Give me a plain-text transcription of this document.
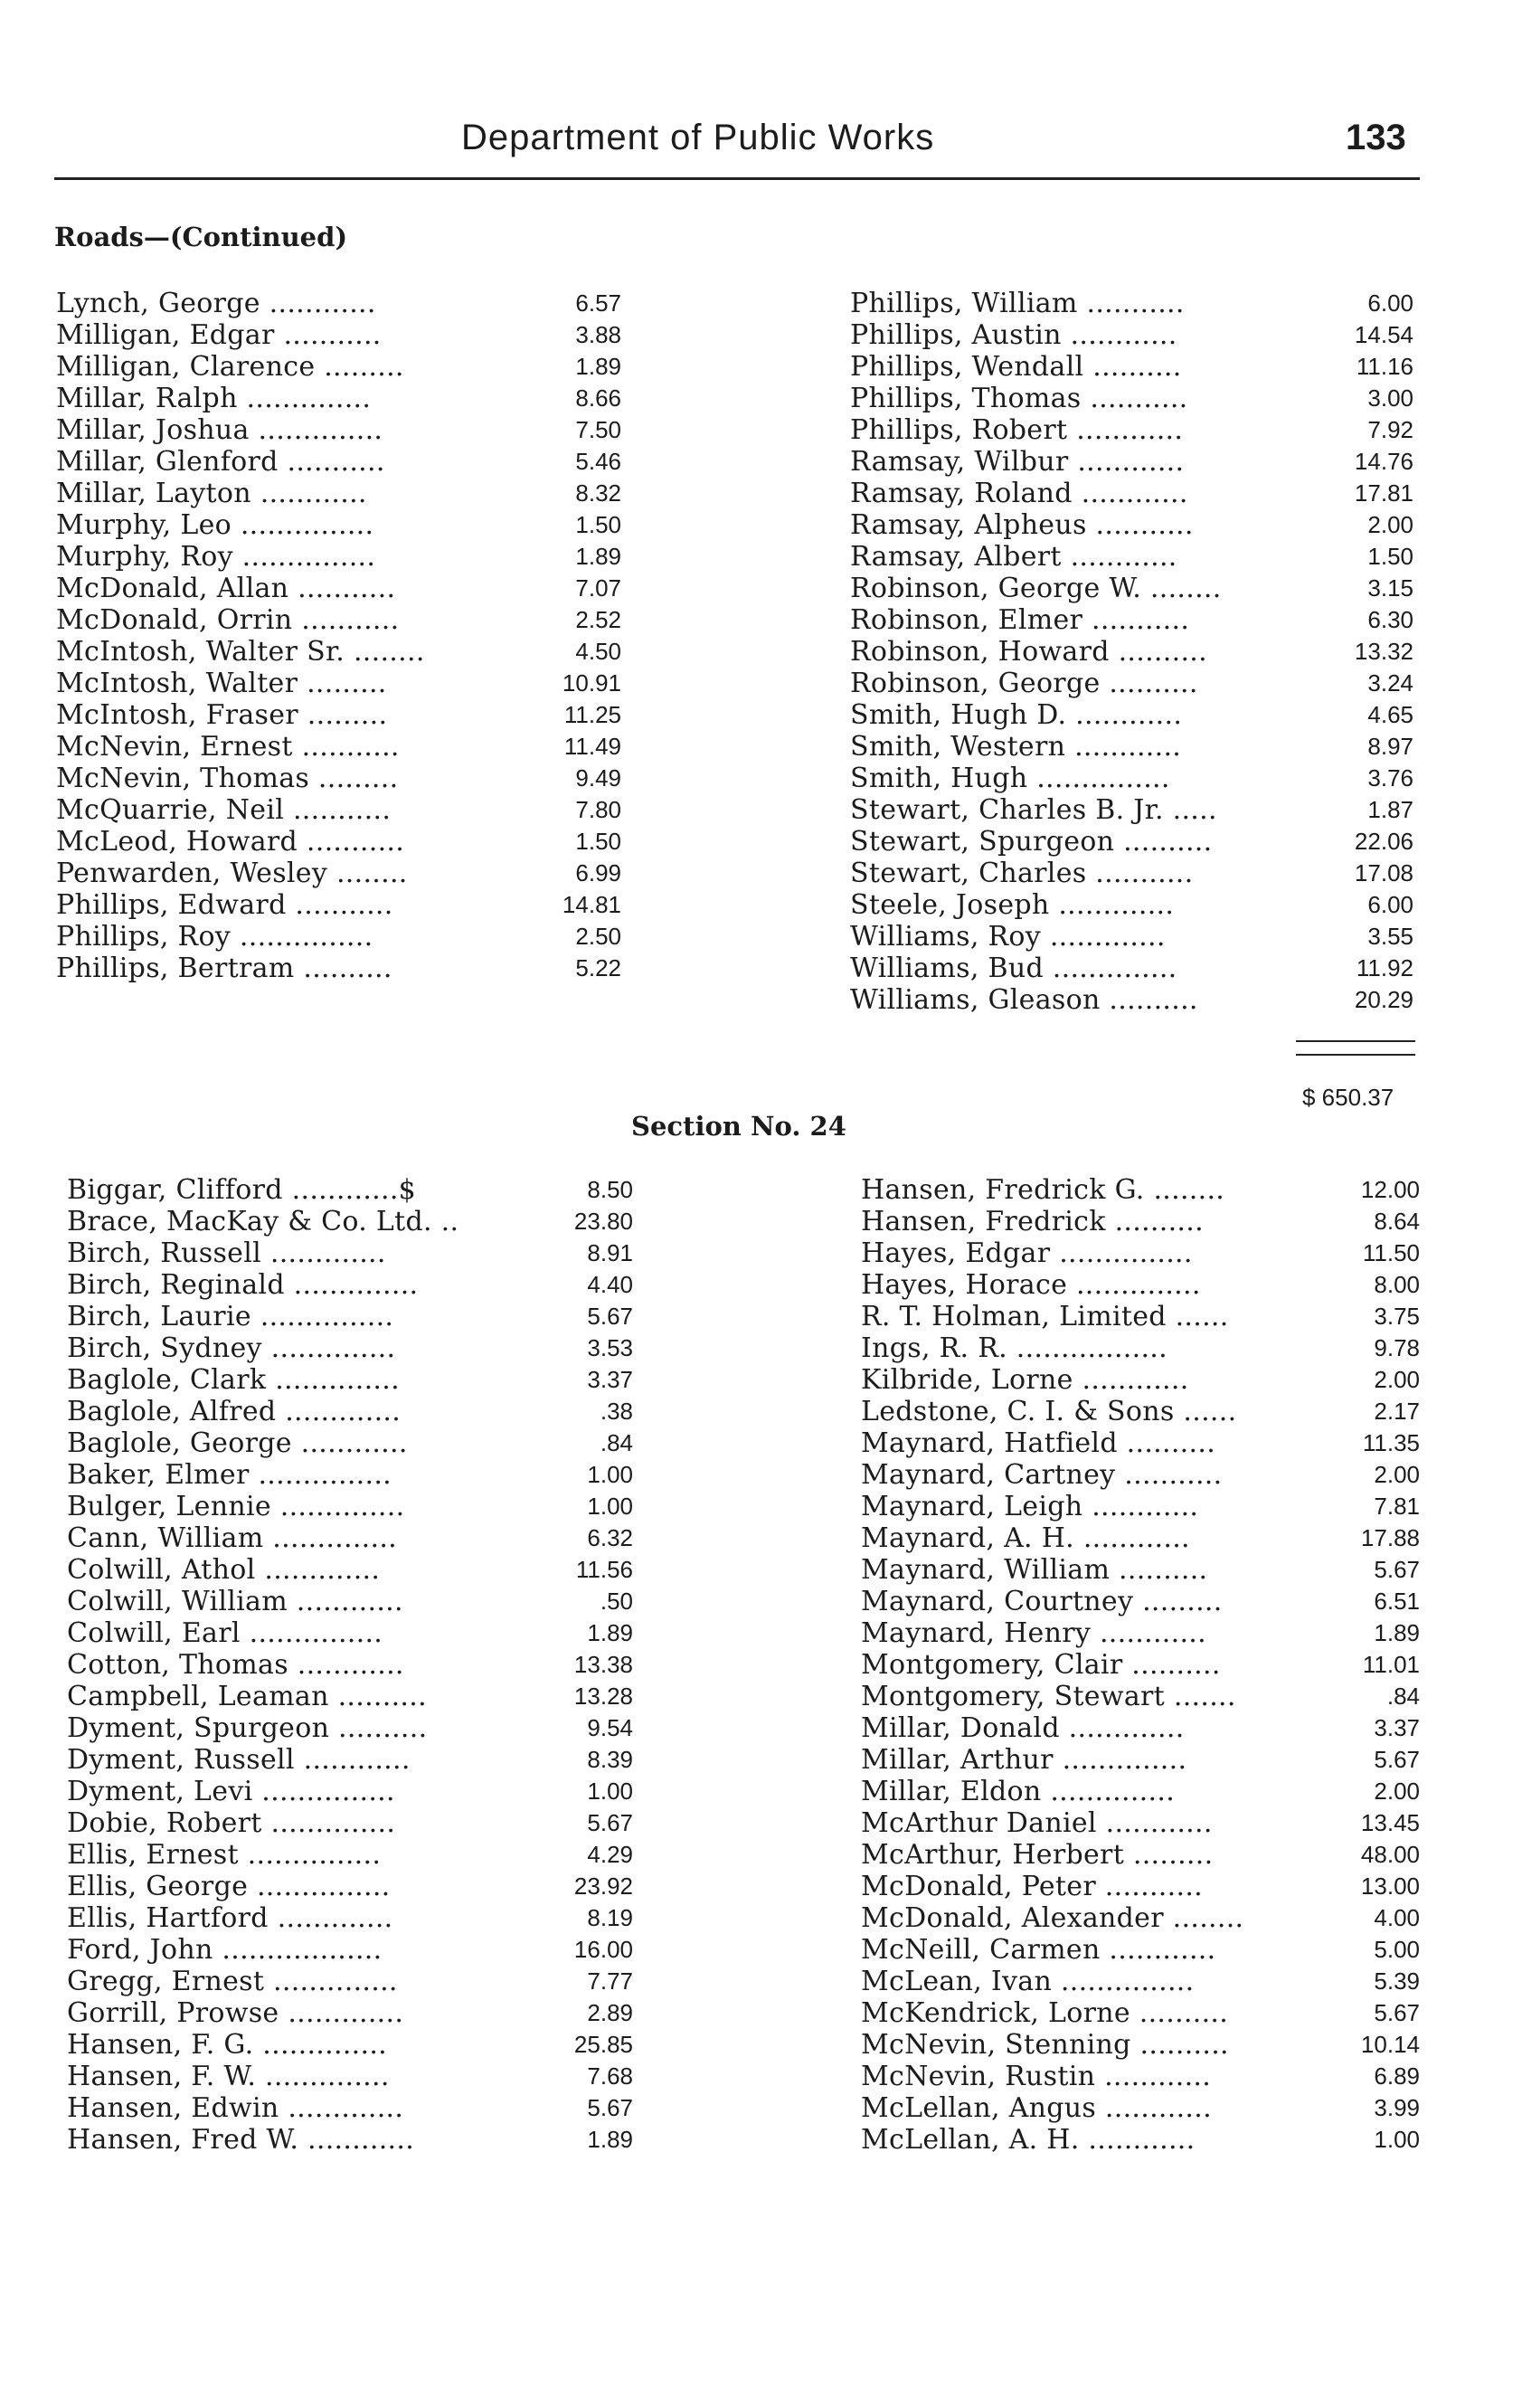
Department of Public Works	133
Roads—(Continued)
Lynch, George ............	6.57
Milligan, Edgar ...........	3.88
Milligan, Clarence .........	1.89
Millar, Ralph ..............	8.66
Millar, Joshua ..............	7.50
Millar, Glenford ...........	5.46
Millar, Layton ............	8.32
Murphy, Leo ...............	1.50
Murphy, Roy ...............	1.89
McDonald, Allan ...........	7.07
McDonald, Orrin ...........	2.52
McIntosh, Walter Sr. ........	4.50
McIntosh, Walter .........	10.91
McIntosh, Fraser .........	11.25
McNevin, Ernest ...........	11.49
McNevin, Thomas .........	9.49
McQuarrie, Neil ...........	7.80
McLeod, Howard ...........	1.50
Penwarden, Wesley ........	6.99
Phillips, Edward ...........	14.81
Phillips, Roy ...............	2.50
Phillips, Bertram ..........	5.22
Phillips, William ...........	6.00
Phillips, Austin ............	14.54
Phillips, Wendall ..........	11.16
Phillips, Thomas ...........	3.00
Phillips, Robert ............	7.92
Ramsay, Wilbur ............	14.76
Ramsay, Roland ............	17.81
Ramsay, Alpheus ...........	2.00
Ramsay, Albert ............	1.50
Robinson, George W. ........	3.15
Robinson, Elmer ...........	6.30
Robinson, Howard ..........	13.32
Robinson, George ..........	3.24
Smith, Hugh D. ............	4.65
Smith, Western ............	8.97
Smith, Hugh ...............	3.76
Stewart, Charles B. Jr. .....	1.87
Stewart, Spurgeon ..........	22.06
Stewart, Charles ...........	17.08
Steele, Joseph .............	6.00
Williams, Roy .............	3.55
Williams, Bud ..............	11.92
Williams, Gleason ..........	20.29
$ 650.37
Section No. 24
Biggar, Clifford ............$	8.50
Brace, MacKay & Co. Ltd. ..	23.80
Birch, Russell .............	8.91
Birch, Reginald ..............	4.40
Birch, Laurie ...............	5.67
Birch, Sydney ..............	3.53
Baglole, Clark ..............	3.37
Baglole, Alfred .............	.38
Baglole, George ............	.84
Baker, Elmer ...............	1.00
Bulger, Lennie ..............	1.00
Cann, William ..............	6.32
Colwill, Athol .............	11.56
Colwill, William ............	.50
Colwill, Earl ...............	1.89
Cotton, Thomas ............	13.38
Campbell, Leaman ..........	13.28
Dyment, Spurgeon ..........	9.54
Dyment, Russell ............	8.39
Dyment, Levi ...............	1.00
Dobie, Robert ..............	5.67
Ellis, Ernest ...............	4.29
Ellis, George ...............	23.92
Ellis, Hartford .............	8.19
Ford, John ..................	16.00
Gregg, Ernest ..............	7.77
Gorrill, Prowse .............	2.89
Hansen, F. G. ..............	25.85
Hansen, F. W. ..............	7.68
Hansen, Edwin .............	5.67
Hansen, Fred W. ............	1.89
Hansen, Fredrick G. ........	12.00
Hansen, Fredrick ..........	8.64
Hayes, Edgar ...............	11.50
Hayes, Horace ..............	8.00
R. T. Holman, Limited ......	3.75
Ings, R. R. .................	9.78
Kilbride, Lorne ............	2.00
Ledstone, C. I. & Sons ......	2.17
Maynard, Hatfield ..........	11.35
Maynard, Cartney ...........	2.00
Maynard, Leigh ............	7.81
Maynard, A. H. ............	17.88
Maynard, William ..........	5.67
Maynard, Courtney .........	6.51
Maynard, Henry ............	1.89
Montgomery, Clair ..........	11.01
Montgomery, Stewart .......	.84
Millar, Donald .............	3.37
Millar, Arthur ..............	5.67
Millar, Eldon ..............	2.00
McArthur Daniel ............	13.45
McArthur, Herbert .........	48.00
McDonald, Peter ...........	13.00
McDonald, Alexander ........	4.00
McNeill, Carmen ............	5.00
McLean, Ivan ...............	5.39
McKendrick, Lorne ..........	5.67
McNevin, Stenning ..........	10.14
McNevin, Rustin ............	6.89
McLellan, Angus ............	3.99
McLellan, A. H. ............	1.00
